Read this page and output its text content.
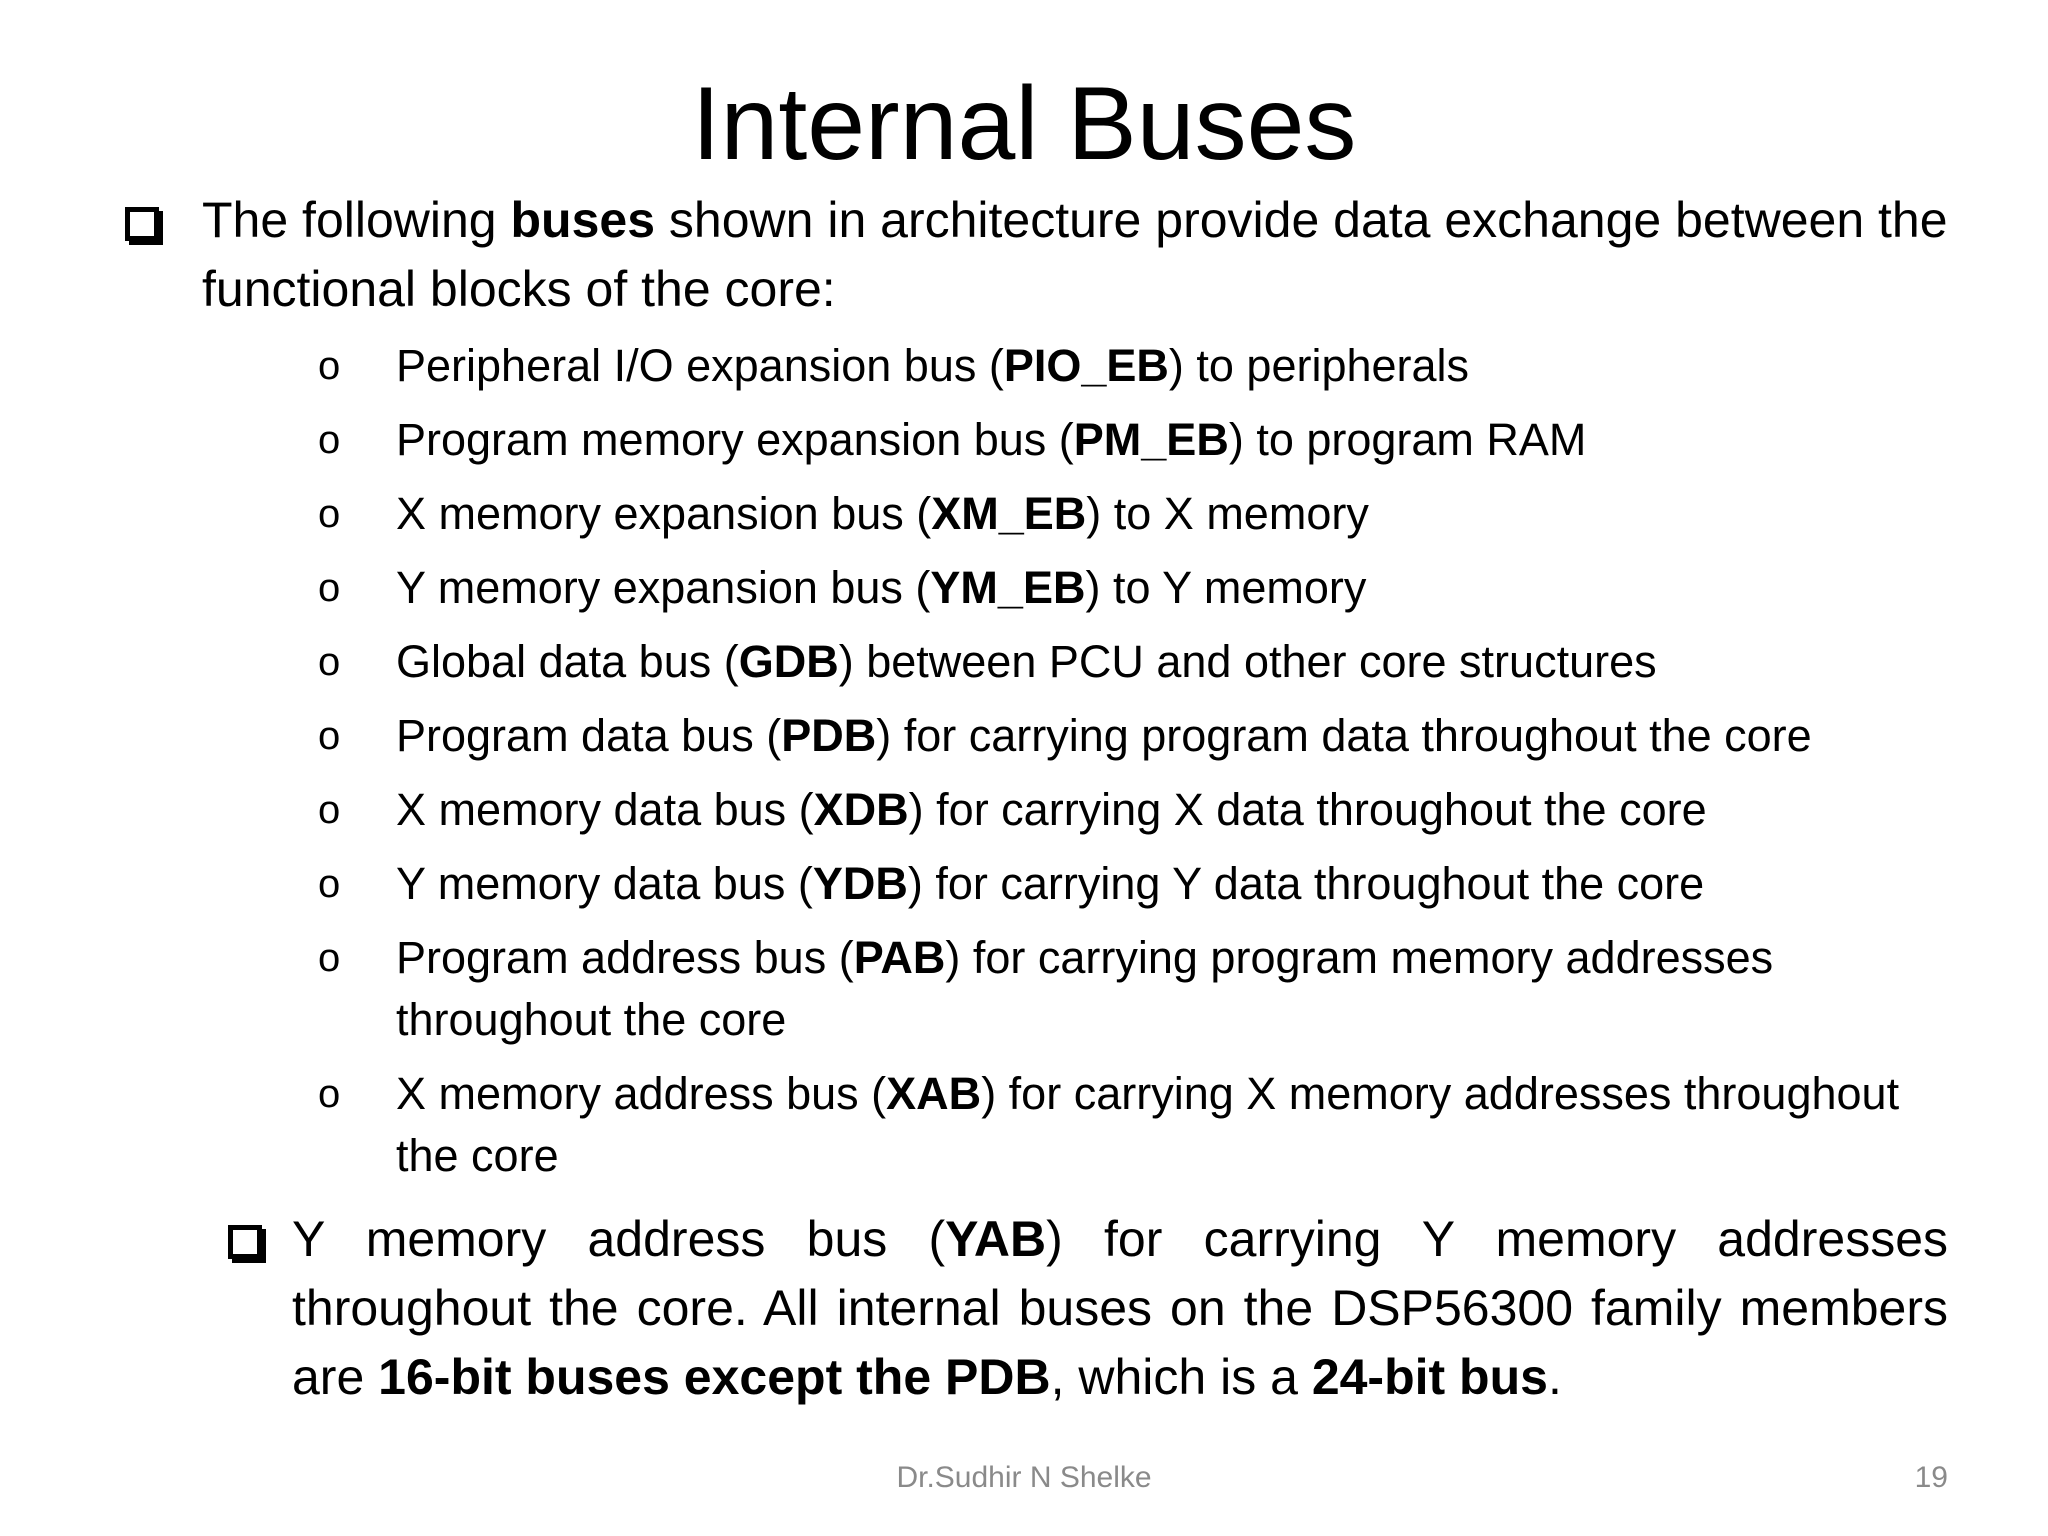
Internal Buses
The following buses shown in architecture provide data exchange between the functional blocks of the core:
o Peripheral I/O expansion bus (PIO_EB) to peripherals
o Program memory expansion bus (PM_EB) to program RAM
o X memory expansion bus (XM_EB) to X memory
o Y memory expansion bus (YM_EB) to Y memory
o Global data bus (GDB) between PCU and other core structures
o Program data bus (PDB) for carrying program data throughout the core
o X memory data bus (XDB) for carrying X data throughout the core
o Y memory data bus (YDB) for carrying Y data throughout the core
o Program address bus (PAB) for carrying program memory addresses throughout the core
o X memory address bus (XAB) for carrying X memory addresses throughout the core
Y memory address bus (YAB) for carrying Y memory addresses throughout the core. All internal buses on the DSP56300 family members are 16-bit buses except the PDB, which is a 24-bit bus.
Dr.Sudhir N Shelke	19
